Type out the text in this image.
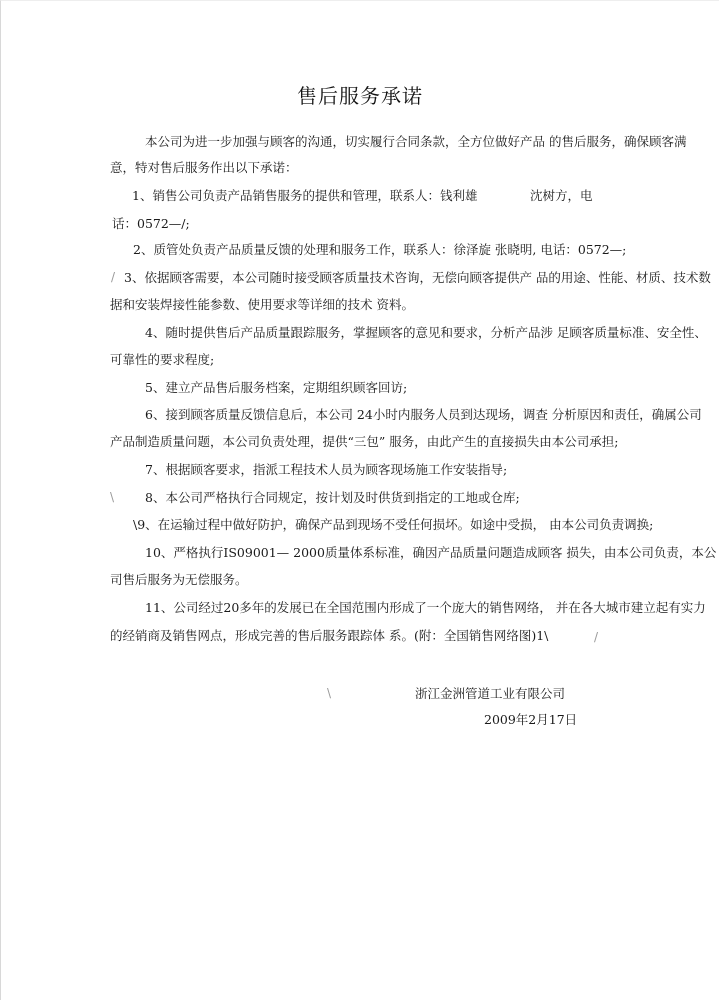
售后服务承诺
本公司为进一步加强与顾客的沟通，切实履行合同条款，全方位做好产品 的售后服务，确保顾客满
意，特对售后服务作出以下承诺：
1、销售公司负责产品销售服务的提供和管理，联系人：钱利雄	沈树方，电
话：0572—/;
2、质管处负责产品质量反馈的处理和服务工作，联系人：徐泽旋 张晓明, 电话：0572—;
/ 3、依据顾客需要，本公司随时接受顾客质量技术咨询，无偿向顾客提供产 品的用途、性能、材质、技术数
据和安装焊接性能参数、使用要求等详细的技术 资料。
4、随时提供售后产品质量跟踪服务，掌握顾客的意见和要求，分析产品涉 足顾客质量标准、安全性、
可靠性的要求程度;
5、建立产品售后服务档案，定期组织顾客回访;
6、接到顾客质量反馈信息后，本公司 24小时内服务人员到达现场，调查 分析原因和责任，确属公司
产品制造质量问题，本公司负责处理，提供“三包” 服务，由此产生的直接损失由本公司承担;
7、根据顾客要求，指派工程技术人员为顾客现场施工作安装指导;
\ 8、本公司严格执行合同规定，按计划及时供货到指定的工地或仓库;
\9、在运输过程中做好防护，确保产品到现场不受任何损坏。如途中受损， 由本公司负责调换;
10、严格执行IS09001— 2000质量体系标准，确因产品质量问题造成顾客 损失，由本公司负责，本公
司售后服务为无偿服务。
11、公司经过20多年的发展已在全国范围内形成了一个庞大的销售网络， 并在各大城市建立起有实力
的经销商及销售网点，形成完善的售后服务跟踪体 系。(附：全国销售网络图)1\	/
\	浙江金洲管道工业有限公司
2009年2月17日
